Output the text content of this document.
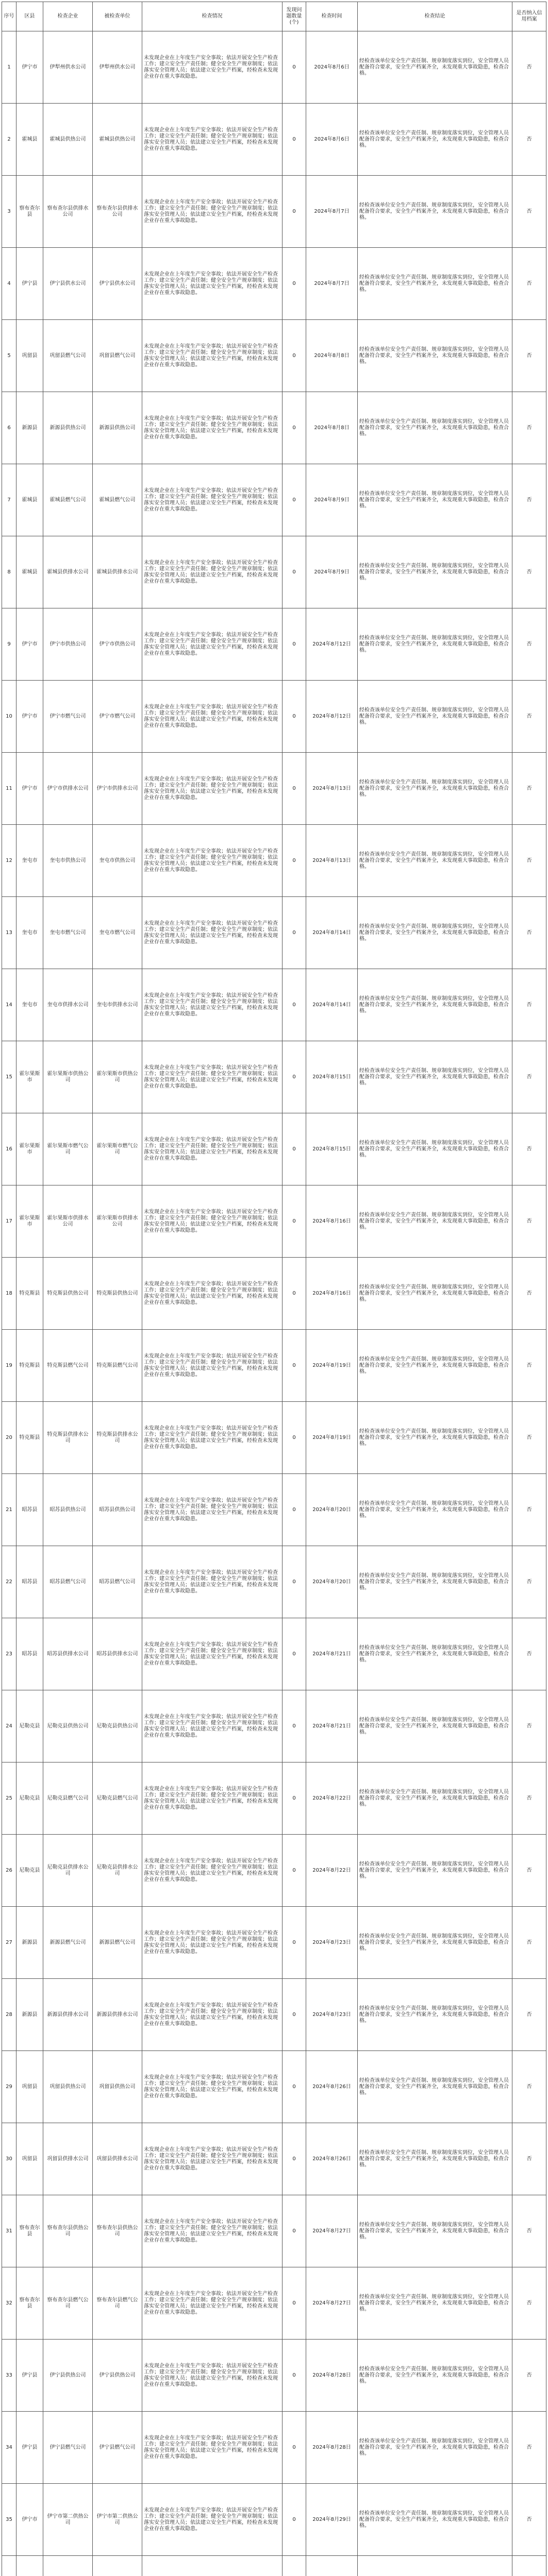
序号	区县	检查企业	被检查单位	检查情况	发现问题数量(个)	检查时间	检查结论	是否纳入信用档案
1	伊宁市	伊犁州供水公司	伊犁州供水公司	未发现企业在上年度生产安全事故；依法开展安全生产检查工作；建立安全生产责任制；健全安全生产规章制度；依法落实安全管理人员；依法建立安全生产档案，经检查未发现企业存在重大事故隐患。	0	2024年8月6日	经检查该单位安全生产责任制、规章制度落实到位，安全管理人员配备符合要求，安全生产档案齐全，未发现重大事故隐患，检查合格。	否
2	霍城县	霍城县供热公司	霍城县供热公司	未发现企业在上年度生产安全事故；依法开展安全生产检查工作；建立安全生产责任制；健全安全生产规章制度；依法落实安全管理人员；依法建立安全生产档案，经检查未发现企业存在重大事故隐患。	0	2024年8月6日	经检查该单位安全生产责任制、规章制度落实到位，安全管理人员配备符合要求，安全生产档案齐全，未发现重大事故隐患，检查合格。	否
3	察布查尔县	察布查尔县供排水公司	察布查尔县供排水公司	未发现企业在上年度生产安全事故；依法开展安全生产检查工作；建立安全生产责任制；健全安全生产规章制度；依法落实安全管理人员；依法建立安全生产档案，经检查未发现企业存在重大事故隐患。	0	2024年8月7日	经检查该单位安全生产责任制、规章制度落实到位，安全管理人员配备符合要求，安全生产档案齐全，未发现重大事故隐患，检查合格。	否
4	伊宁县	伊宁县供水公司	伊宁县供水公司	未发现企业在上年度生产安全事故；依法开展安全生产检查工作；建立安全生产责任制；健全安全生产规章制度；依法落实安全管理人员；依法建立安全生产档案，经检查未发现企业存在重大事故隐患。	0	2024年8月7日	经检查该单位安全生产责任制、规章制度落实到位，安全管理人员配备符合要求，安全生产档案齐全，未发现重大事故隐患，检查合格。	否
5	巩留县	巩留县燃气公司	巩留县燃气公司	未发现企业在上年度生产安全事故；依法开展安全生产检查工作；建立安全生产责任制；健全安全生产规章制度；依法落实安全管理人员；依法建立安全生产档案，经检查未发现企业存在重大事故隐患。	0	2024年8月8日	经检查该单位安全生产责任制、规章制度落实到位，安全管理人员配备符合要求，安全生产档案齐全，未发现重大事故隐患，检查合格。	否
6	新源县	新源县供热公司	新源县供热公司	未发现企业在上年度生产安全事故；依法开展安全生产检查工作；建立安全生产责任制；健全安全生产规章制度；依法落实安全管理人员；依法建立安全生产档案，经检查未发现企业存在重大事故隐患。	0	2024年8月8日	经检查该单位安全生产责任制、规章制度落实到位，安全管理人员配备符合要求，安全生产档案齐全，未发现重大事故隐患，检查合格。	否
7	霍城县	霍城县燃气公司	霍城县燃气公司	未发现企业在上年度生产安全事故；依法开展安全生产检查工作；建立安全生产责任制；健全安全生产规章制度；依法落实安全管理人员；依法建立安全生产档案，经检查未发现企业存在重大事故隐患。	0	2024年8月9日	经检查该单位安全生产责任制、规章制度落实到位，安全管理人员配备符合要求，安全生产档案齐全，未发现重大事故隐患，检查合格。	否
8	霍城县	霍城县供排水公司	霍城县供排水公司	未发现企业在上年度生产安全事故；依法开展安全生产检查工作；建立安全生产责任制；健全安全生产规章制度；依法落实安全管理人员；依法建立安全生产档案，经检查未发现企业存在重大事故隐患。	0	2024年8月9日	经检查该单位安全生产责任制、规章制度落实到位，安全管理人员配备符合要求，安全生产档案齐全，未发现重大事故隐患，检查合格。	否
9	伊宁市	伊宁市供热公司	伊宁市供热公司	未发现企业在上年度生产安全事故；依法开展安全生产检查工作；建立安全生产责任制；健全安全生产规章制度；依法落实安全管理人员；依法建立安全生产档案，经检查未发现企业存在重大事故隐患。	0	2024年8月12日	经检查该单位安全生产责任制、规章制度落实到位，安全管理人员配备符合要求，安全生产档案齐全，未发现重大事故隐患，检查合格。	否
10	伊宁市	伊宁市燃气公司	伊宁市燃气公司	未发现企业在上年度生产安全事故；依法开展安全生产检查工作；建立安全生产责任制；健全安全生产规章制度；依法落实安全管理人员；依法建立安全生产档案，经检查未发现企业存在重大事故隐患。	0	2024年8月12日	经检查该单位安全生产责任制、规章制度落实到位，安全管理人员配备符合要求，安全生产档案齐全，未发现重大事故隐患，检查合格。	否
11	伊宁市	伊宁市供排水公司	伊宁市供排水公司	未发现企业在上年度生产安全事故；依法开展安全生产检查工作；建立安全生产责任制；健全安全生产规章制度；依法落实安全管理人员；依法建立安全生产档案，经检查未发现企业存在重大事故隐患。	0	2024年8月13日	经检查该单位安全生产责任制、规章制度落实到位，安全管理人员配备符合要求，安全生产档案齐全，未发现重大事故隐患，检查合格。	否
12	奎屯市	奎屯市供热公司	奎屯市供热公司	未发现企业在上年度生产安全事故；依法开展安全生产检查工作；建立安全生产责任制；健全安全生产规章制度；依法落实安全管理人员；依法建立安全生产档案，经检查未发现企业存在重大事故隐患。	0	2024年8月13日	经检查该单位安全生产责任制、规章制度落实到位，安全管理人员配备符合要求，安全生产档案齐全，未发现重大事故隐患，检查合格。	否
13	奎屯市	奎屯市燃气公司	奎屯市燃气公司	未发现企业在上年度生产安全事故；依法开展安全生产检查工作；建立安全生产责任制；健全安全生产规章制度；依法落实安全管理人员；依法建立安全生产档案，经检查未发现企业存在重大事故隐患。	0	2024年8月14日	经检查该单位安全生产责任制、规章制度落实到位，安全管理人员配备符合要求，安全生产档案齐全，未发现重大事故隐患，检查合格。	否
14	奎屯市	奎屯市供排水公司	奎屯市供排水公司	未发现企业在上年度生产安全事故；依法开展安全生产检查工作；建立安全生产责任制；健全安全生产规章制度；依法落实安全管理人员；依法建立安全生产档案，经检查未发现企业存在重大事故隐患。	0	2024年8月14日	经检查该单位安全生产责任制、规章制度落实到位，安全管理人员配备符合要求，安全生产档案齐全，未发现重大事故隐患，检查合格。	否
15	霍尔果斯市	霍尔果斯市供热公司	霍尔果斯市供热公司	未发现企业在上年度生产安全事故；依法开展安全生产检查工作；建立安全生产责任制；健全安全生产规章制度；依法落实安全管理人员；依法建立安全生产档案，经检查未发现企业存在重大事故隐患。	0	2024年8月15日	经检查该单位安全生产责任制、规章制度落实到位，安全管理人员配备符合要求，安全生产档案齐全，未发现重大事故隐患，检查合格。	否
16	霍尔果斯市	霍尔果斯市燃气公司	霍尔果斯市燃气公司	未发现企业在上年度生产安全事故；依法开展安全生产检查工作；建立安全生产责任制；健全安全生产规章制度；依法落实安全管理人员；依法建立安全生产档案，经检查未发现企业存在重大事故隐患。	0	2024年8月15日	经检查该单位安全生产责任制、规章制度落实到位，安全管理人员配备符合要求，安全生产档案齐全，未发现重大事故隐患，检查合格。	否
17	霍尔果斯市	霍尔果斯市供排水公司	霍尔果斯市供排水公司	未发现企业在上年度生产安全事故；依法开展安全生产检查工作；建立安全生产责任制；健全安全生产规章制度；依法落实安全管理人员；依法建立安全生产档案，经检查未发现企业存在重大事故隐患。	0	2024年8月16日	经检查该单位安全生产责任制、规章制度落实到位，安全管理人员配备符合要求，安全生产档案齐全，未发现重大事故隐患，检查合格。	否
18	特克斯县	特克斯县供热公司	特克斯县供热公司	未发现企业在上年度生产安全事故；依法开展安全生产检查工作；建立安全生产责任制；健全安全生产规章制度；依法落实安全管理人员；依法建立安全生产档案，经检查未发现企业存在重大事故隐患。	0	2024年8月16日	经检查该单位安全生产责任制、规章制度落实到位，安全管理人员配备符合要求，安全生产档案齐全，未发现重大事故隐患，检查合格。	否
19	特克斯县	特克斯县燃气公司	特克斯县燃气公司	未发现企业在上年度生产安全事故；依法开展安全生产检查工作；建立安全生产责任制；健全安全生产规章制度；依法落实安全管理人员；依法建立安全生产档案，经检查未发现企业存在重大事故隐患。	0	2024年8月19日	经检查该单位安全生产责任制、规章制度落实到位，安全管理人员配备符合要求，安全生产档案齐全，未发现重大事故隐患，检查合格。	否
20	特克斯县	特克斯县供排水公司	特克斯县供排水公司	未发现企业在上年度生产安全事故；依法开展安全生产检查工作；建立安全生产责任制；健全安全生产规章制度；依法落实安全管理人员；依法建立安全生产档案，经检查未发现企业存在重大事故隐患。	0	2024年8月19日	经检查该单位安全生产责任制、规章制度落实到位，安全管理人员配备符合要求，安全生产档案齐全，未发现重大事故隐患，检查合格。	否
21	昭苏县	昭苏县供热公司	昭苏县供热公司	未发现企业在上年度生产安全事故；依法开展安全生产检查工作；建立安全生产责任制；健全安全生产规章制度；依法落实安全管理人员；依法建立安全生产档案，经检查未发现企业存在重大事故隐患。	0	2024年8月20日	经检查该单位安全生产责任制、规章制度落实到位，安全管理人员配备符合要求，安全生产档案齐全，未发现重大事故隐患，检查合格。	否
22	昭苏县	昭苏县燃气公司	昭苏县燃气公司	未发现企业在上年度生产安全事故；依法开展安全生产检查工作；建立安全生产责任制；健全安全生产规章制度；依法落实安全管理人员；依法建立安全生产档案，经检查未发现企业存在重大事故隐患。	0	2024年8月20日	经检查该单位安全生产责任制、规章制度落实到位，安全管理人员配备符合要求，安全生产档案齐全，未发现重大事故隐患，检查合格。	否
23	昭苏县	昭苏县供排水公司	昭苏县供排水公司	未发现企业在上年度生产安全事故；依法开展安全生产检查工作；建立安全生产责任制；健全安全生产规章制度；依法落实安全管理人员；依法建立安全生产档案，经检查未发现企业存在重大事故隐患。	0	2024年8月21日	经检查该单位安全生产责任制、规章制度落实到位，安全管理人员配备符合要求，安全生产档案齐全，未发现重大事故隐患，检查合格。	否
24	尼勒克县	尼勒克县供热公司	尼勒克县供热公司	未发现企业在上年度生产安全事故；依法开展安全生产检查工作；建立安全生产责任制；健全安全生产规章制度；依法落实安全管理人员；依法建立安全生产档案，经检查未发现企业存在重大事故隐患。	0	2024年8月21日	经检查该单位安全生产责任制、规章制度落实到位，安全管理人员配备符合要求，安全生产档案齐全，未发现重大事故隐患，检查合格。	否
25	尼勒克县	尼勒克县燃气公司	尼勒克县燃气公司	未发现企业在上年度生产安全事故；依法开展安全生产检查工作；建立安全生产责任制；健全安全生产规章制度；依法落实安全管理人员；依法建立安全生产档案，经检查未发现企业存在重大事故隐患。	0	2024年8月22日	经检查该单位安全生产责任制、规章制度落实到位，安全管理人员配备符合要求，安全生产档案齐全，未发现重大事故隐患，检查合格。	否
26	尼勒克县	尼勒克县供排水公司	尼勒克县供排水公司	未发现企业在上年度生产安全事故；依法开展安全生产检查工作；建立安全生产责任制；健全安全生产规章制度；依法落实安全管理人员；依法建立安全生产档案，经检查未发现企业存在重大事故隐患。	0	2024年8月22日	经检查该单位安全生产责任制、规章制度落实到位，安全管理人员配备符合要求，安全生产档案齐全，未发现重大事故隐患，检查合格。	否
27	新源县	新源县燃气公司	新源县燃气公司	未发现企业在上年度生产安全事故；依法开展安全生产检查工作；建立安全生产责任制；健全安全生产规章制度；依法落实安全管理人员；依法建立安全生产档案，经检查未发现企业存在重大事故隐患。	0	2024年8月23日	经检查该单位安全生产责任制、规章制度落实到位，安全管理人员配备符合要求，安全生产档案齐全，未发现重大事故隐患，检查合格。	否
28	新源县	新源县供排水公司	新源县供排水公司	未发现企业在上年度生产安全事故；依法开展安全生产检查工作；建立安全生产责任制；健全安全生产规章制度；依法落实安全管理人员；依法建立安全生产档案，经检查未发现企业存在重大事故隐患。	0	2024年8月23日	经检查该单位安全生产责任制、规章制度落实到位，安全管理人员配备符合要求，安全生产档案齐全，未发现重大事故隐患，检查合格。	否
29	巩留县	巩留县供热公司	巩留县供热公司	未发现企业在上年度生产安全事故；依法开展安全生产检查工作；建立安全生产责任制；健全安全生产规章制度；依法落实安全管理人员；依法建立安全生产档案，经检查未发现企业存在重大事故隐患。	0	2024年8月26日	经检查该单位安全生产责任制、规章制度落实到位，安全管理人员配备符合要求，安全生产档案齐全，未发现重大事故隐患，检查合格。	否
30	巩留县	巩留县供排水公司	巩留县供排水公司	未发现企业在上年度生产安全事故；依法开展安全生产检查工作；建立安全生产责任制；健全安全生产规章制度；依法落实安全管理人员；依法建立安全生产档案，经检查未发现企业存在重大事故隐患。	0	2024年8月26日	经检查该单位安全生产责任制、规章制度落实到位，安全管理人员配备符合要求，安全生产档案齐全，未发现重大事故隐患，检查合格。	否
31	察布查尔县	察布查尔县供热公司	察布查尔县供热公司	未发现企业在上年度生产安全事故；依法开展安全生产检查工作；建立安全生产责任制；健全安全生产规章制度；依法落实安全管理人员；依法建立安全生产档案，经检查未发现企业存在重大事故隐患。	0	2024年8月27日	经检查该单位安全生产责任制、规章制度落实到位，安全管理人员配备符合要求，安全生产档案齐全，未发现重大事故隐患，检查合格。	否
32	察布查尔县	察布查尔县燃气公司	察布查尔县燃气公司	未发现企业在上年度生产安全事故；依法开展安全生产检查工作；建立安全生产责任制；健全安全生产规章制度；依法落实安全管理人员；依法建立安全生产档案，经检查未发现企业存在重大事故隐患。	0	2024年8月27日	经检查该单位安全生产责任制、规章制度落实到位，安全管理人员配备符合要求，安全生产档案齐全，未发现重大事故隐患，检查合格。	否
33	伊宁县	伊宁县供热公司	伊宁县供热公司	未发现企业在上年度生产安全事故；依法开展安全生产检查工作；建立安全生产责任制；健全安全生产规章制度；依法落实安全管理人员；依法建立安全生产档案，经检查未发现企业存在重大事故隐患。	0	2024年8月28日	经检查该单位安全生产责任制、规章制度落实到位，安全管理人员配备符合要求，安全生产档案齐全，未发现重大事故隐患，检查合格。	否
34	伊宁县	伊宁县燃气公司	伊宁县燃气公司	未发现企业在上年度生产安全事故；依法开展安全生产检查工作；建立安全生产责任制；健全安全生产规章制度；依法落实安全管理人员；依法建立安全生产档案，经检查未发现企业存在重大事故隐患。	0	2024年8月28日	经检查该单位安全生产责任制、规章制度落实到位，安全管理人员配备符合要求，安全生产档案齐全，未发现重大事故隐患，检查合格。	否
35	伊宁市	伊宁市第二供热公司	伊宁市第二供热公司	未发现企业在上年度生产安全事故；依法开展安全生产检查工作；建立安全生产责任制；健全安全生产规章制度；依法落实安全管理人员；依法建立安全生产档案，经检查未发现企业存在重大事故隐患。	0	2024年8月29日	经检查该单位安全生产责任制、规章制度落实到位，安全管理人员配备符合要求，安全生产档案齐全，未发现重大事故隐患，检查合格。	否
